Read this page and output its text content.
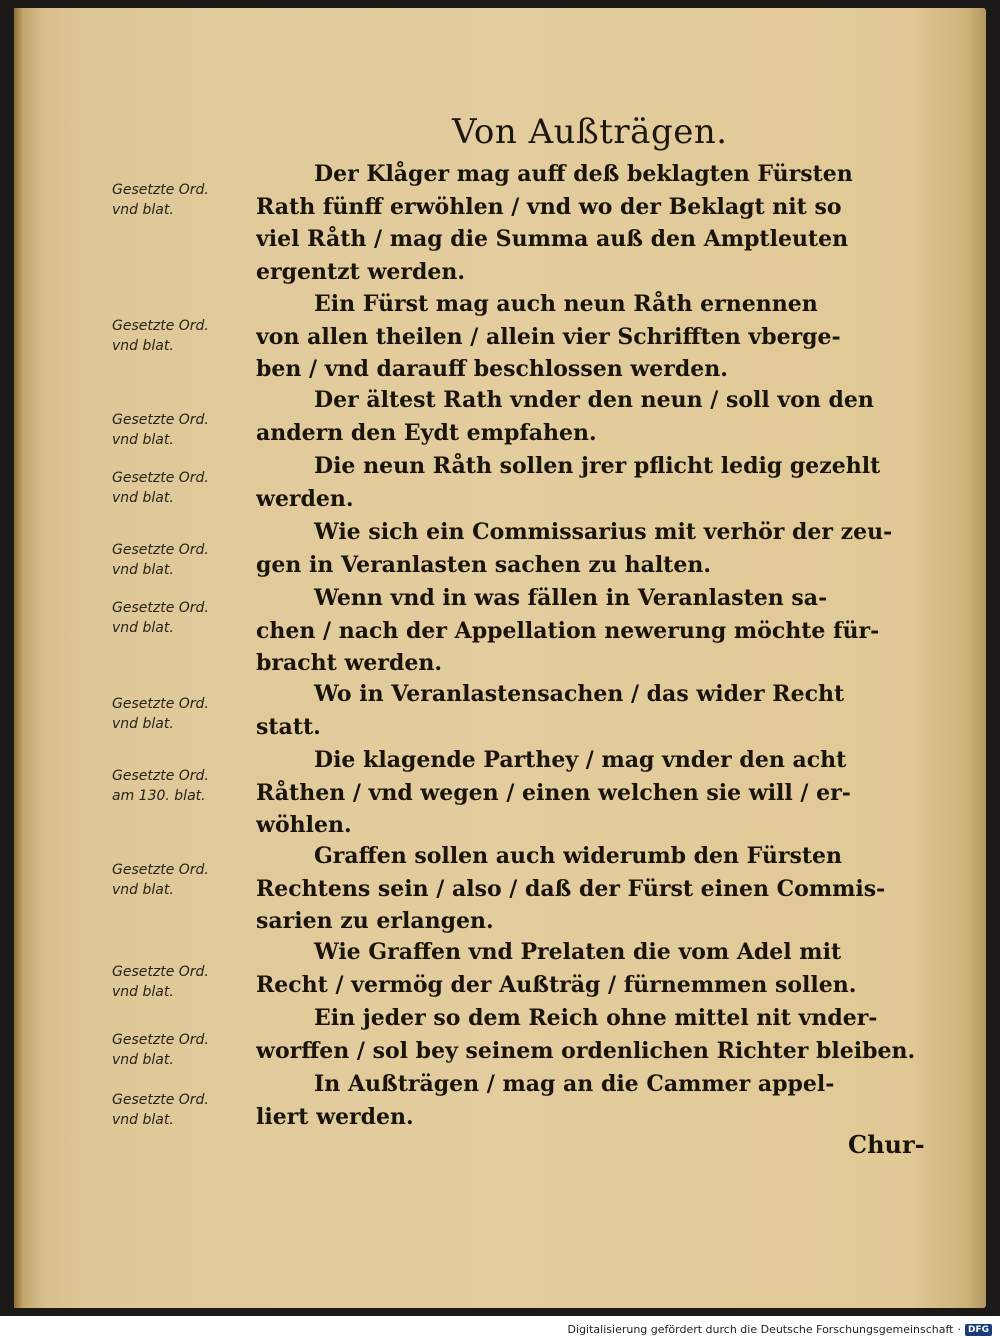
Von Außträgen.
Gesetzte Ord.
vnd blat.
Der Klåger mag auff deß beklagten Fürsten
Rath fünff erwöhlen / vnd wo der Beklagt nit so
viel Råth / mag die Summa auß den Amptleuten
ergentzt werden.
Gesetzte Ord.
vnd blat.
Ein Fürst mag auch neun Råth ernennen
von allen theilen / allein vier Schrifften vberge-
ben / vnd darauff beschlossen werden.
Gesetzte Ord.
vnd blat.
Der ältest Rath vnder den neun / soll von den
andern den Eydt empfahen.
Gesetzte Ord.
vnd blat.
Die neun Råth sollen jrer pflicht ledig gezehlt
werden.
Gesetzte Ord.
vnd blat.
Wie sich ein Commissarius mit verhör der zeu-
gen in Veranlasten sachen zu halten.
Gesetzte Ord.
vnd blat.
Wenn vnd in was fällen in Veranlasten sa-
chen / nach der Appellation newerung möchte für-
bracht werden.
Gesetzte Ord.
vnd blat.
Wo in Veranlastensachen / das wider Recht
statt.
Gesetzte Ord.
am 130. blat.
Die klagende Parthey / mag vnder den acht
Råthen / vnd wegen / einen welchen sie will / er-
wöhlen.
Gesetzte Ord.
vnd blat.
Graffen sollen auch widerumb den Fürsten
Rechtens sein / also / daß der Fürst einen Commis-
sarien zu erlangen.
Gesetzte Ord.
vnd blat.
Wie Graffen vnd Prelaten die vom Adel mit
Recht / vermög der Außträg / fürnemmen sollen.
Gesetzte Ord.
vnd blat.
Ein jeder so dem Reich ohne mittel nit vnder-
worffen / sol bey seinem ordenlichen Richter bleiben.
Gesetzte Ord.
vnd blat.
In Außträgen / mag an die Cammer appel-
liert werden.
Chur-
Digitalisierung gefördert durch die Deutsche Forschungsgemeinschaft · DFG
